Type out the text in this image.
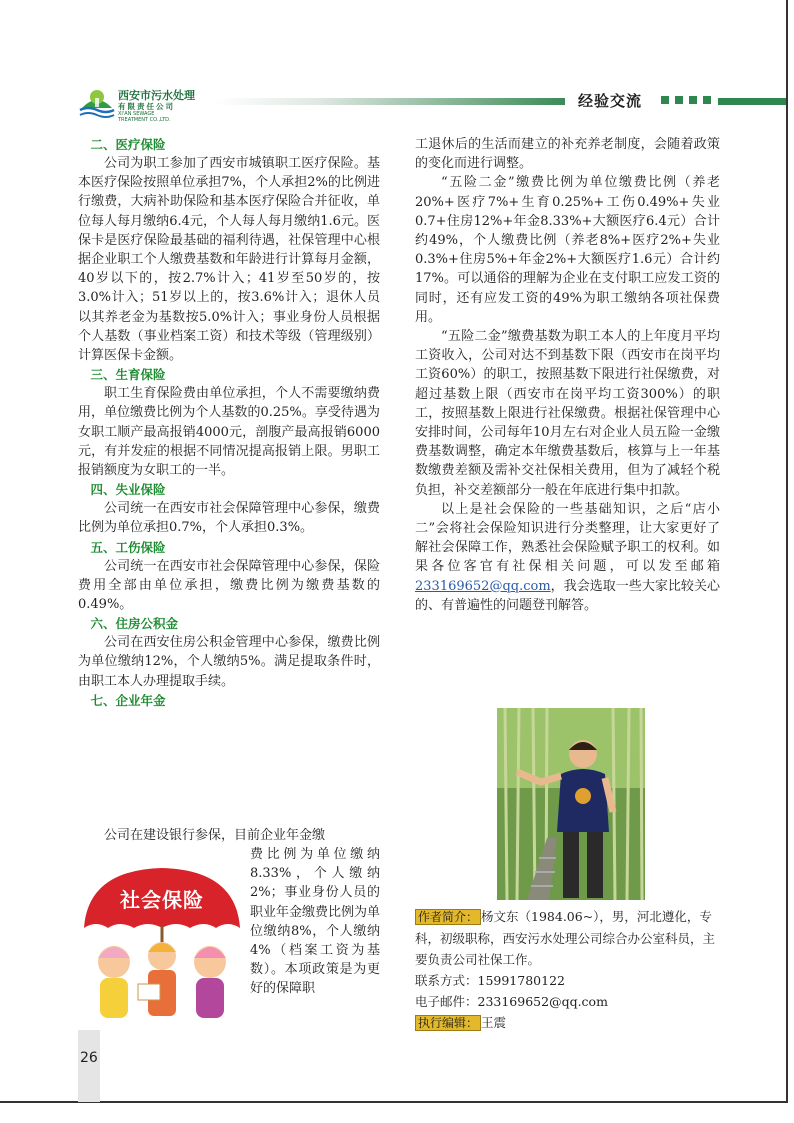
西安市污水处理
有限责任公司
XI'AN SEWAGE TREATMENT CO.,LTD.
经验交流
二、医疗保险

公司为职工参加了西安市城镇职工医疗保险。基本医疗保险按照单位承担7%，个人承担2%的比例进行缴费，大病补助保险和基本医疗保险合并征收，单位每人每月缴纳6.4元，个人每人每月缴纳1.6元。医保卡是医疗保险最基础的福利待遇，社保管理中心根据企业职工个人缴费基数和年龄进行计算每月金额，40岁以下的，按2.7%计入；41岁至50岁的，按3.0%计入；51岁以上的，按3.6%计入；退休人员以其养老金为基数按5.0%计入；事业身份人员根据个人基数（事业档案工资）和技术等级（管理级别）计算医保卡金额。

三、生育保险

职工生育保险费由单位承担，个人不需要缴纳费用，单位缴费比例为个人基数的0.25%。享受待遇为女职工顺产最高报销4000元，剖腹产最高报销6000元，有并发症的根据不同情况提高报销上限。男职工报销额度为女职工的一半。

四、失业保险

公司统一在西安市社会保障管理中心参保，缴费比例为单位承担0.7%，个人承担0.3%。

五、工伤保险

公司统一在西安市社会保障管理中心参保，保险费用全部由单位承担，缴费比例为缴费基数的0.49%。

六、住房公积金

公司在西安住房公积金管理中心参保，缴费比例为单位缴纳12%，个人缴纳5%。满足提取条件时，由职工本人办理提取手续。

七、企业年金
公司在建设银行参保，目前企业年金缴
费比例为单位缴纳8.33%，个人缴纳2%；事业身份人员的职业年金缴费比例为单位缴纳8%，个人缴纳4%（档案工资为基数）。本项政策是为更好的保障职
社会保险

工退休后的生活而建立的补充养老制度，会随着政策的变化而进行调整。

“五险二金”缴费比例为单位缴费比例（养老20%+医疗7%+生育0.25%+工伤0.49%+失业0.7+住房12%+年金8.33%+大额医疗6.4元）合计约49%，个人缴费比例（养老8%+医疗2%+失业0.3%+住房5%+年金2%+大额医疗1.6元）合计约17%。可以通俗的理解为企业在支付职工应发工资的同时，还有应发工资的49%为职工缴纳各项社保费用。

“五险二金”缴费基数为职工本人的上年度月平均工资收入，公司对达不到基数下限（西安市在岗平均工资60%）的职工，按照基数下限进行社保缴费，对超过基数上限（西安市在岗平均工资300%）的职工，按照基数上限进行社保缴费。根据社保管理中心安排时间，公司每年10月左右对企业人员五险一金缴费基数调整，确定本年缴费基数后，核算与上一年基数缴费差额及需补交社保相关费用，但为了减轻个税负担，补交差额部分一般在年底进行集中扣款。

以上是社会保险的一些基础知识，之后“店小二”会将社会保险知识进行分类整理，让大家更好了解社会保障工作，熟悉社会保险赋予职工的权利。如果各位客官有社保相关问题，可以发至邮箱233169652@qq.com，我会选取一些大家比较关心的、有普遍性的问题登刊解答。

作者简介： 杨文东（1984.06~），男，河北遵化，专科，初级职称，西安污水处理公司综合办公室科员，主要负责公司社保工作。

联系方式：15991780122

电子邮件：233169652@qq.com

执行编辑： 王震

26
